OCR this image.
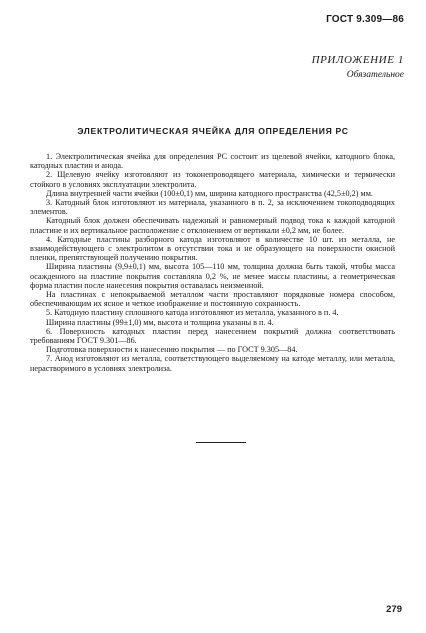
ГОСТ 9.309—86
ПРИЛОЖЕНИЕ 1
Обязательное
ЭЛЕКТРОЛИТИЧЕСКАЯ ЯЧЕЙКА ДЛЯ ОПРЕДЕЛЕНИЯ РС

1. Электролитическая ячейка для определения РС состоит из щелевой ячейки, катодного блока, катодных пластин и анода.

2. Щелевую ячейку изготовляют из токонепроводящего материала, химически и термически стойкого в условиях эксплуатации электролита.

Длина внутренней части ячейки (100±0,1) мм, ширина катодного пространства (42,5±0,2) мм.

3. Катодный блок изготовляют из материала, указанного в п. 2, за исключением токоподводящих элементов.

Катодный блок должен обеспечивать надежный и равномерный подвод тока к каждой катодной пластине и их вертикальное расположение с отклонением от вертикали ±0,2 мм, не более.

4. Катодные пластины разборного катода изготовляют в количестве 10 шт. из металла, не взаимодействующего с электролитом в отсутствии тока и не образующего на поверхности окисной пленки, препятствующей получению покрытия.

Ширина пластины (9,9±0,1) мм, высота 105—110 мм, толщина должна быть такой, чтобы масса осажденного на пластине покрытия составляла 0,2 %, не менее массы пластины, а геометрическая форма пластин после нанесения покрытия оставалась неизменной.

На пластинах с непокрываемой металлом части проставляют порядковые номера способом, обеспечивающим их ясное и четкое изображение и постоянную сохранность.

5. Катодную пластину сплошного катода изготовляют из металла, указанного в п. 4.

Ширина пластины (99±1,0) мм, высота и толщина указаны в п. 4.

6. Поверхность катодных пластин перед нанесением покрытий должна соответствовать требованиям ГОСТ 9.301—86.

Подготовка поверхности к нанесению покрытия — по ГОСТ 9.305—84.

7. Анод изготовляют из металла, соответствующего выделяемому на катоде металлу, или металла, нерастворимого в условиях электролиза.

279
